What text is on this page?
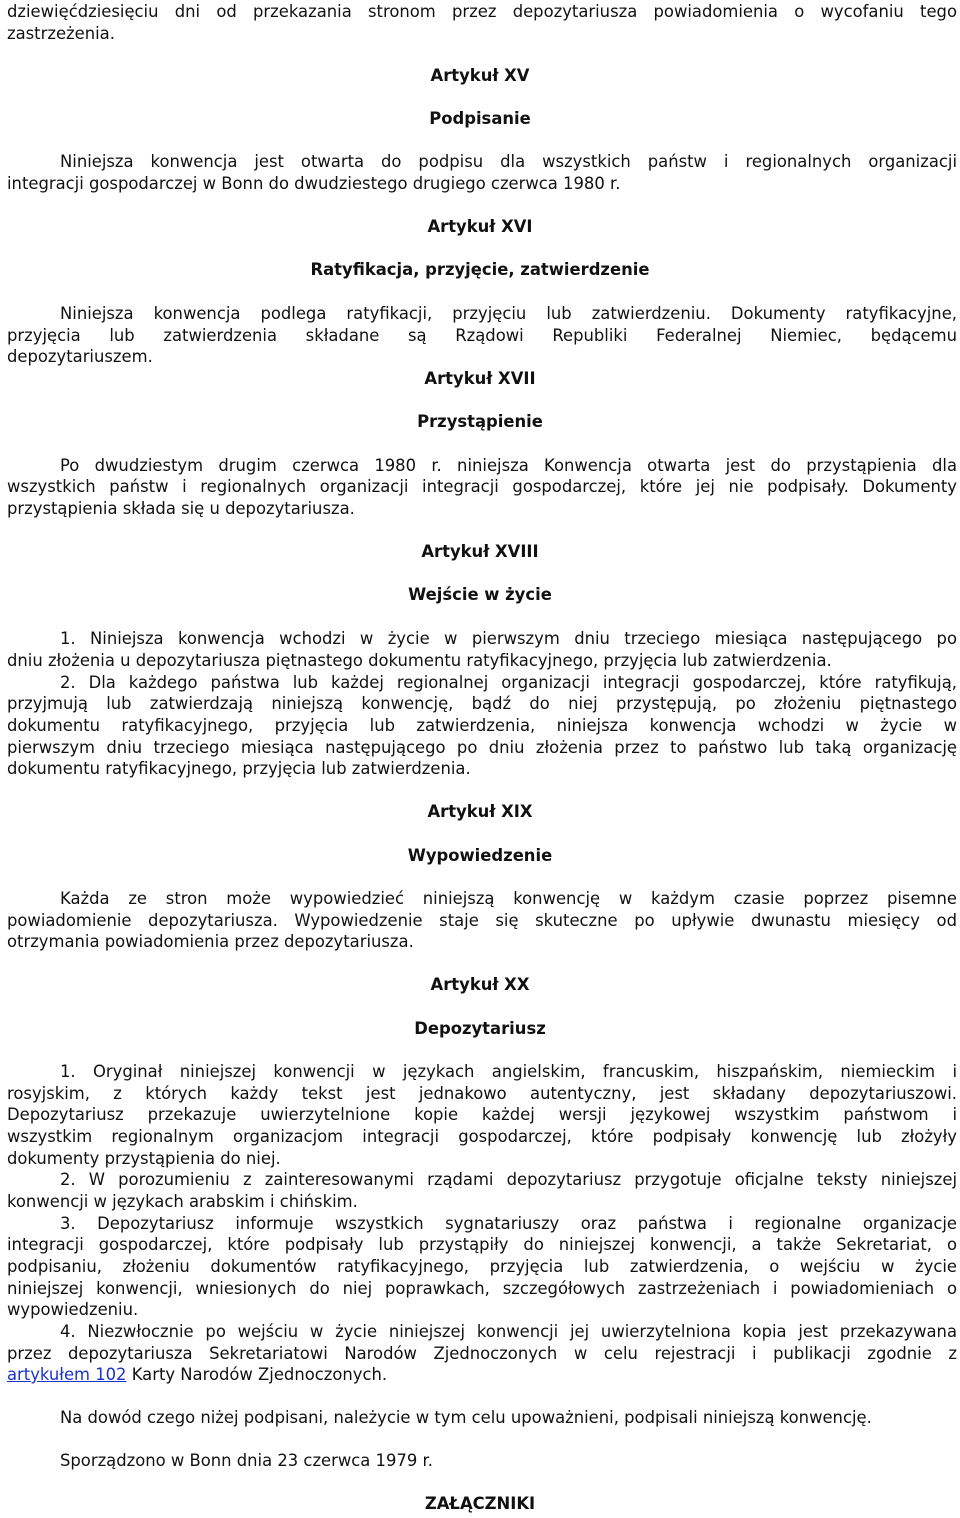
dziewięćdziesięciu dni od przekazania stronom przez depozytariusza powiadomienia o wycofaniu tego
zastrzeżenia.
Artykuł XV
Podpisanie
Niniejsza konwencja jest otwarta do podpisu dla wszystkich państw i regionalnych organizacji
integracji gospodarczej w Bonn do dwudziestego drugiego czerwca 1980 r.
Artykuł XVI
Ratyfikacja, przyjęcie, zatwierdzenie
Niniejsza konwencja podlega ratyfikacji, przyjęciu lub zatwierdzeniu. Dokumenty ratyfikacyjne,
przyjęcia lub zatwierdzenia składane są Rządowi Republiki Federalnej Niemiec, będącemu
depozytariuszem.
Artykuł XVII
Przystąpienie
Po dwudziestym drugim czerwca 1980 r. niniejsza Konwencja otwarta jest do przystąpienia dla
wszystkich państw i regionalnych organizacji integracji gospodarczej, które jej nie podpisały. Dokumenty
przystąpienia składa się u depozytariusza.
Artykuł XVIII
Wejście w życie
1. Niniejsza konwencja wchodzi w życie w pierwszym dniu trzeciego miesiąca następującego po
dniu złożenia u depozytariusza piętnastego dokumentu ratyfikacyjnego, przyjęcia lub zatwierdzenia.
2. Dla każdego państwa lub każdej regionalnej organizacji integracji gospodarczej, które ratyfikują,
przyjmują lub zatwierdzają niniejszą konwencję, bądź do niej przystępują, po złożeniu piętnastego
dokumentu ratyfikacyjnego, przyjęcia lub zatwierdzenia, niniejsza konwencja wchodzi w życie w
pierwszym dniu trzeciego miesiąca następującego po dniu złożenia przez to państwo lub taką organizację
dokumentu ratyfikacyjnego, przyjęcia lub zatwierdzenia.
Artykuł XIX
Wypowiedzenie
Każda ze stron może wypowiedzieć niniejszą konwencję w każdym czasie poprzez pisemne
powiadomienie depozytariusza. Wypowiedzenie staje się skuteczne po upływie dwunastu miesięcy od
otrzymania powiadomienia przez depozytariusza.
Artykuł XX
Depozytariusz
1. Oryginał niniejszej konwencji w językach angielskim, francuskim, hiszpańskim, niemieckim i
rosyjskim, z których każdy tekst jest jednakowo autentyczny, jest składany depozytariuszowi.
Depozytariusz przekazuje uwierzytelnione kopie każdej wersji językowej wszystkim państwom i
wszystkim regionalnym organizacjom integracji gospodarczej, które podpisały konwencję lub złożyły
dokumenty przystąpienia do niej.
2. W porozumieniu z zainteresowanymi rządami depozytariusz przygotuje oficjalne teksty niniejszej
konwencji w językach arabskim i chińskim.
3. Depozytariusz informuje wszystkich sygnatariuszy oraz państwa i regionalne organizacje
integracji gospodarczej, które podpisały lub przystąpiły do niniejszej konwencji, a także Sekretariat, o
podpisaniu, złożeniu dokumentów ratyfikacyjnego, przyjęcia lub zatwierdzenia, o wejściu w życie
niniejszej konwencji, wniesionych do niej poprawkach, szczegółowych zastrzeżeniach i powiadomieniach o
wypowiedzeniu.
4. Niezwłocznie po wejściu w życie niniejszej konwencji jej uwierzytelniona kopia jest przekazywana
przez depozytariusza Sekretariatowi Narodów Zjednoczonych w celu rejestracji i publikacji zgodnie z
artykułem 102 Karty Narodów Zjednoczonych.
Na dowód czego niżej podpisani, należycie w tym celu upoważnieni, podpisali niniejszą konwencję.
Sporządzono w Bonn dnia 23 czerwca 1979 r.
ZAŁĄCZNIKI
